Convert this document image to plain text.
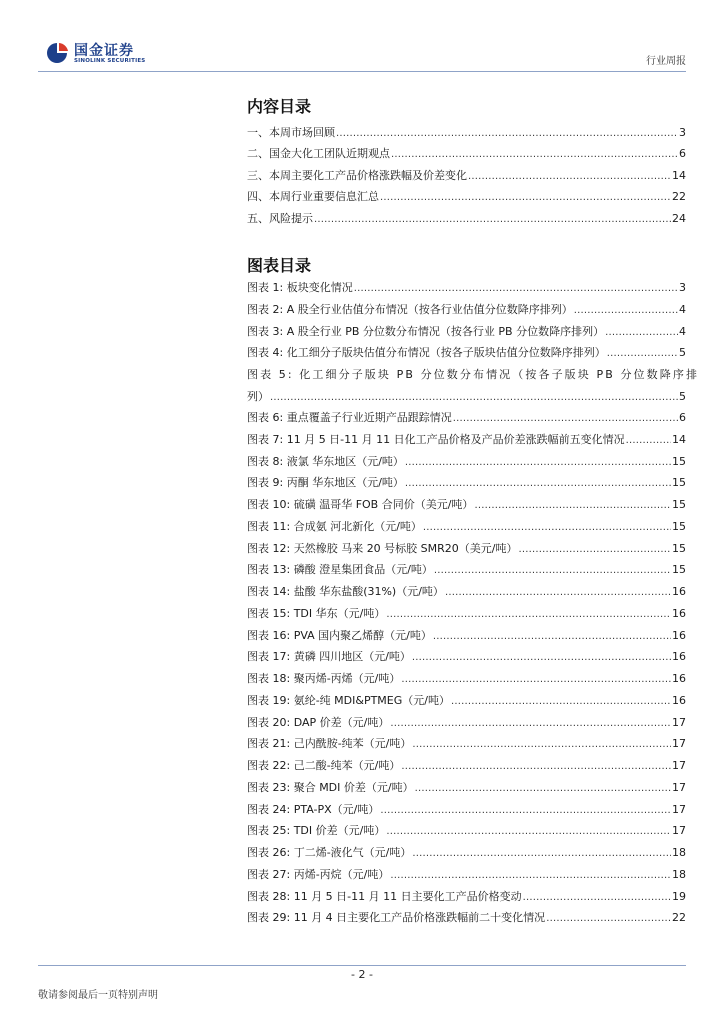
国金证券
SINOLINK SECURITIES	行业周报
内容目录
一、本周市场回顾 .....	3
二、国金大化工团队近期观点 .....	6
三、本周主要化工产品价格涨跌幅及价差变化 .....	14
四、本周行业重要信息汇总 .....	22
五、风险提示 .....	24
图表目录
图表 1: 板块变化情况 .....	3
图表 2: A 股全行业估值分布情况（按各行业估值分位数降序排列） .....	4
图表 3: A 股全行业 PB 分位数分布情况（按各行业 PB 分位数降序排列） .....	4
图表 4: 化工细分子版块估值分布情况（按各子版块估值分位数降序排列） .....	5
图表 5: 化工细分子版块 PB 分位数分布情况（按各子版块 PB 分位数降序排
列） .....	5
图表 6: 重点覆盖子行业近期产品跟踪情况 .....	6
图表 7: 11 月 5 日-11 月 11 日化工产品价格及产品价差涨跌幅前五变化情况 .....	14
图表 8: 液氯 华东地区（元/吨） .....	15
图表 9: 丙酮 华东地区（元/吨） .....	15
图表 10: 硫磺 温哥华 FOB 合同价（美元/吨） .....	15
图表 11: 合成氨 河北新化（元/吨） .....	15
图表 12: 天然橡胶 马来 20 号标胶 SMR20（美元/吨） .....	15
图表 13: 磷酸 澄星集团食品（元/吨） .....	15
图表 14: 盐酸 华东盐酸(31%)（元/吨） .....	16
图表 15: TDI 华东（元/吨） .....	16
图表 16: PVA 国内聚乙烯醇（元/吨） .....	16
图表 17: 黄磷 四川地区（元/吨） .....	16
图表 18: 聚丙烯-丙烯（元/吨） .....	16
图表 19: 氨纶-纯 MDI&PTMEG（元/吨） .....	16
图表 20: DAP 价差（元/吨） .....	17
图表 21: 己内酰胺-纯苯（元/吨） .....	17
图表 22: 己二酸-纯苯（元/吨） .....	17
图表 23: 聚合 MDI 价差（元/吨） .....	17
图表 24: PTA-PX（元/吨） .....	17
图表 25: TDI 价差（元/吨） .....	17
图表 26: 丁二烯-液化气（元/吨） .....	18
图表 27: 丙烯-丙烷（元/吨） .....	18
图表 28: 11 月 5 日-11 月 11 日主要化工产品价格变动 .....	19
图表 29: 11 月 4 日主要化工产品价格涨跌幅前二十变化情况 .....	22
- 2 -
敬请参阅最后一页特别声明
